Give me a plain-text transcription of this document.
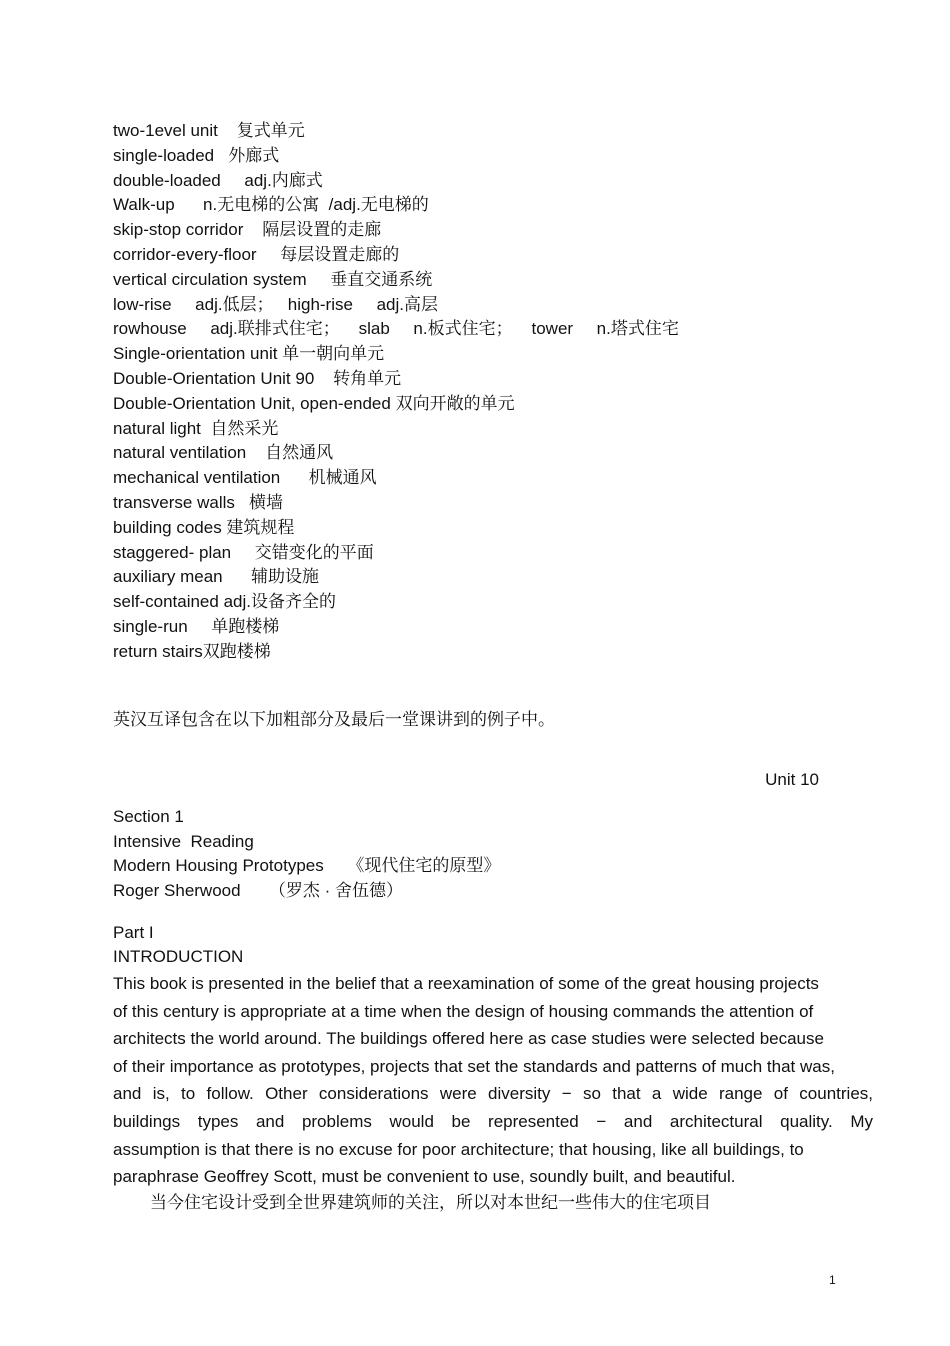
two-1evel unit    复式单元
single-loaded   外廊式
double-loaded     adj.内廊式
Walk-up      n.无电梯的公寓  /adj.无电梯的
skip-stop corridor    隔层设置的走廊
corridor-every-floor     每层设置走廊的
vertical circulation system     垂直交通系统
low-rise     adj.低层；   high-rise     adj.高层
rowhouse     adj.联排式住宅；    slab     n.板式住宅；    tower     n.塔式住宅
Single-orientation unit 单一朝向单元
Double-Orientation Unit 90    转角单元
Double-Orientation Unit, open-ended 双向开敞的单元
natural light  自然采光
natural ventilation    自然通风
mechanical ventilation      机械通风
transverse walls   横墙
building codes 建筑规程
staggered- plan     交错变化的平面
auxiliary mean      辅助设施
self-contained adj.设备齐全的
single-run     单跑楼梯
return stairs双跑楼梯
英汉互译包含在以下加粗部分及最后一堂课讲到的例子中。
Unit 10
Section 1
Intensive  Reading
Modern Housing Prototypes     《现代住宅的原型》
Roger Sherwood      （罗杰 · 舍伍德）
Part I
INTRODUCTION
This book is presented in the belief that a reexamination of some of the great housing projects
of this century is appropriate at a time when the design of housing commands the attention of
architects the world around. The buildings offered here as case studies were selected because
of their importance as prototypes, projects that set the standards and patterns of much that was,
and is, to follow. Other considerations were diversity − so that a wide range of countries,
buildings types and problems would be represented − and architectural quality. My
assumption is that there is no excuse for poor architecture; that housing, like all buildings, to
paraphrase Geoffrey Scott, must be convenient to use, soundly built, and beautiful.
当今住宅设计受到全世界建筑师的关注，所以对本世纪一些伟大的住宅项目
1
